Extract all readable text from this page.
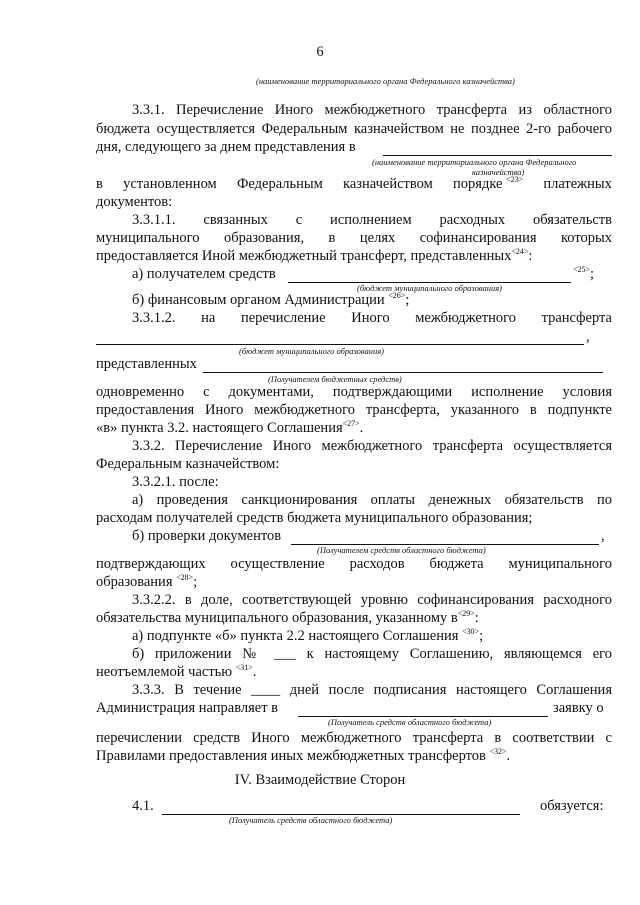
6
(наименование территориального органа Федерального казначейства)
3.3.1. Перечисление Иного межбюджетного трансферта из областного
бюджета осуществляется Федеральным казначейством не позднее 2-го рабочего
дня, следующего за днем представления в
(наименование территориального органа Федерального
казначейства)
в установленном Федеральным казначейством порядке $^{<23>}$ платежных
документов:
3.3.1.1. связанных с исполнением расходных обязательств
муниципального образования, в целях софинансирования которых
предоставляется Иной межбюджетный трансферт, представленных$^{<24>}$:
а) получателем средств	$^{<25>}$;
(бюджет муниципального образования)
б) финансовым органом Администрации $^{<26>}$;
3.3.1.2. на перечисление Иного межбюджетного трансферта
,
(бюджет муниципального образования)
представленных
(Получателем бюджетных средств)
одновременно с документами, подтверждающими исполнение условия
предоставления Иного межбюджетного трансферта, указанного в подпункте
«в» пункта 3.2. настоящего Соглашения$^{<27>}$.
3.3.2. Перечисление Иного межбюджетного трансферта осуществляется
Федеральным казначейством:
3.3.2.1. после:
а) проведения санкционирования оплаты денежных обязательств по
расходам получателей средств бюджета муниципального образования;
б) проверки документов	,
(Получателем средств областного бюджета)
подтверждающих осуществление расходов бюджета муниципального
образования $^{<28>}$;
3.3.2.2. в доле, соответствующей уровню софинансирования расходного
обязательства муниципального образования, указанному $в^{<29>}$:
а) подпункте «б» пункта 2.2 настоящего Соглашения $^{<30>}$;
б) приложении № ___ к настоящему Соглашению, являющемся его
неотъемлемой частью $^{<31>}$.
3.3.3. В течение ____ дней после подписания настоящего Соглашения
Администрация направляет в	заявку о
(Получатель средств областного бюджета)
перечислении средств Иного межбюджетного трансферта в соответствии с
Правилами предоставления иных межбюджетных трансфертов $^{<32>}$.
IV. Взаимодействие Сторон
4.1.	обязуется:
(Получатель средств областного бюджета)
